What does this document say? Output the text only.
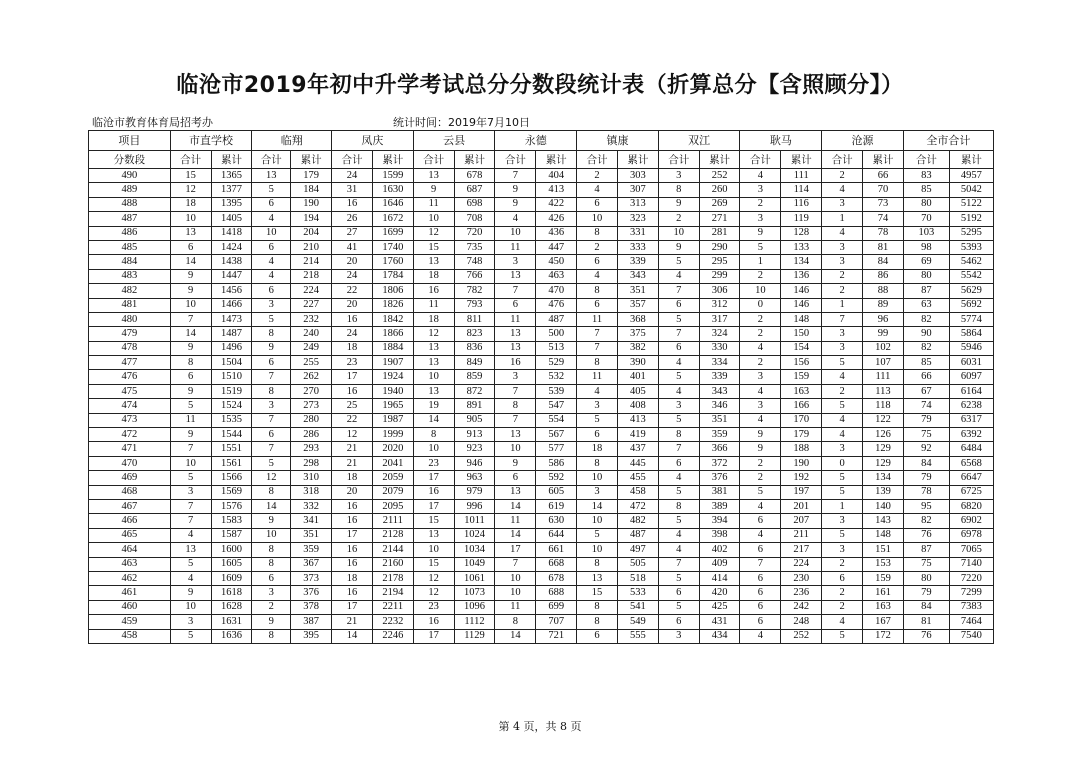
临沧市2019年初中升学考试总分分数段统计表（折算总分【含照顾分】）
临沧市教育体育局招考办	统计时间：2019年7月10日
项目	市直学校		临翔		凤庆		云县		永德		镇康		双江		耿马		沧源		全市合计	
分数段	合计	累计	合计	累计	合计	累计	合计	累计	合计	累计	合计	累计	合计	累计	合计	累计	合计	累计	合计	累计
490	15	1365	13	179	24	1599	13	678	7	404	2	303	3	252	4	111	2	66	83	4957
489	12	1377	5	184	31	1630	9	687	9	413	4	307	8	260	3	114	4	70	85	5042
488	18	1395	6	190	16	1646	11	698	9	422	6	313	9	269	2	116	3	73	80	5122
487	10	1405	4	194	26	1672	10	708	4	426	10	323	2	271	3	119	1	74	70	5192
486	13	1418	10	204	27	1699	12	720	10	436	8	331	10	281	9	128	4	78	103	5295
485	6	1424	6	210	41	1740	15	735	11	447	2	333	9	290	5	133	3	81	98	5393
484	14	1438	4	214	20	1760	13	748	3	450	6	339	5	295	1	134	3	84	69	5462
483	9	1447	4	218	24	1784	18	766	13	463	4	343	4	299	2	136	2	86	80	5542
482	9	1456	6	224	22	1806	16	782	7	470	8	351	7	306	10	146	2	88	87	5629
481	10	1466	3	227	20	1826	11	793	6	476	6	357	6	312	0	146	1	89	63	5692
480	7	1473	5	232	16	1842	18	811	11	487	11	368	5	317	2	148	7	96	82	5774
479	14	1487	8	240	24	1866	12	823	13	500	7	375	7	324	2	150	3	99	90	5864
478	9	1496	9	249	18	1884	13	836	13	513	7	382	6	330	4	154	3	102	82	5946
477	8	1504	6	255	23	1907	13	849	16	529	8	390	4	334	2	156	5	107	85	6031
476	6	1510	7	262	17	1924	10	859	3	532	11	401	5	339	3	159	4	111	66	6097
475	9	1519	8	270	16	1940	13	872	7	539	4	405	4	343	4	163	2	113	67	6164
474	5	1524	3	273	25	1965	19	891	8	547	3	408	3	346	3	166	5	118	74	6238
473	11	1535	7	280	22	1987	14	905	7	554	5	413	5	351	4	170	4	122	79	6317
472	9	1544	6	286	12	1999	8	913	13	567	6	419	8	359	9	179	4	126	75	6392
471	7	1551	7	293	21	2020	10	923	10	577	18	437	7	366	9	188	3	129	92	6484
470	10	1561	5	298	21	2041	23	946	9	586	8	445	6	372	2	190	0	129	84	6568
469	5	1566	12	310	18	2059	17	963	6	592	10	455	4	376	2	192	5	134	79	6647
468	3	1569	8	318	20	2079	16	979	13	605	3	458	5	381	5	197	5	139	78	6725
467	7	1576	14	332	16	2095	17	996	14	619	14	472	8	389	4	201	1	140	95	6820
466	7	1583	9	341	16	2111	15	1011	11	630	10	482	5	394	6	207	3	143	82	6902
465	4	1587	10	351	17	2128	13	1024	14	644	5	487	4	398	4	211	5	148	76	6978
464	13	1600	8	359	16	2144	10	1034	17	661	10	497	4	402	6	217	3	151	87	7065
463	5	1605	8	367	16	2160	15	1049	7	668	8	505	7	409	7	224	2	153	75	7140
462	4	1609	6	373	18	2178	12	1061	10	678	13	518	5	414	6	230	6	159	80	7220
461	9	1618	3	376	16	2194	12	1073	10	688	15	533	6	420	6	236	2	161	79	7299
460	10	1628	2	378	17	2211	23	1096	11	699	8	541	5	425	6	242	2	163	84	7383
459	3	1631	9	387	21	2232	16	1112	8	707	8	549	6	431	6	248	4	167	81	7464
458	5	1636	8	395	14	2246	17	1129	14	721	6	555	3	434	4	252	5	172	76	7540
第 4 页，共 8 页
